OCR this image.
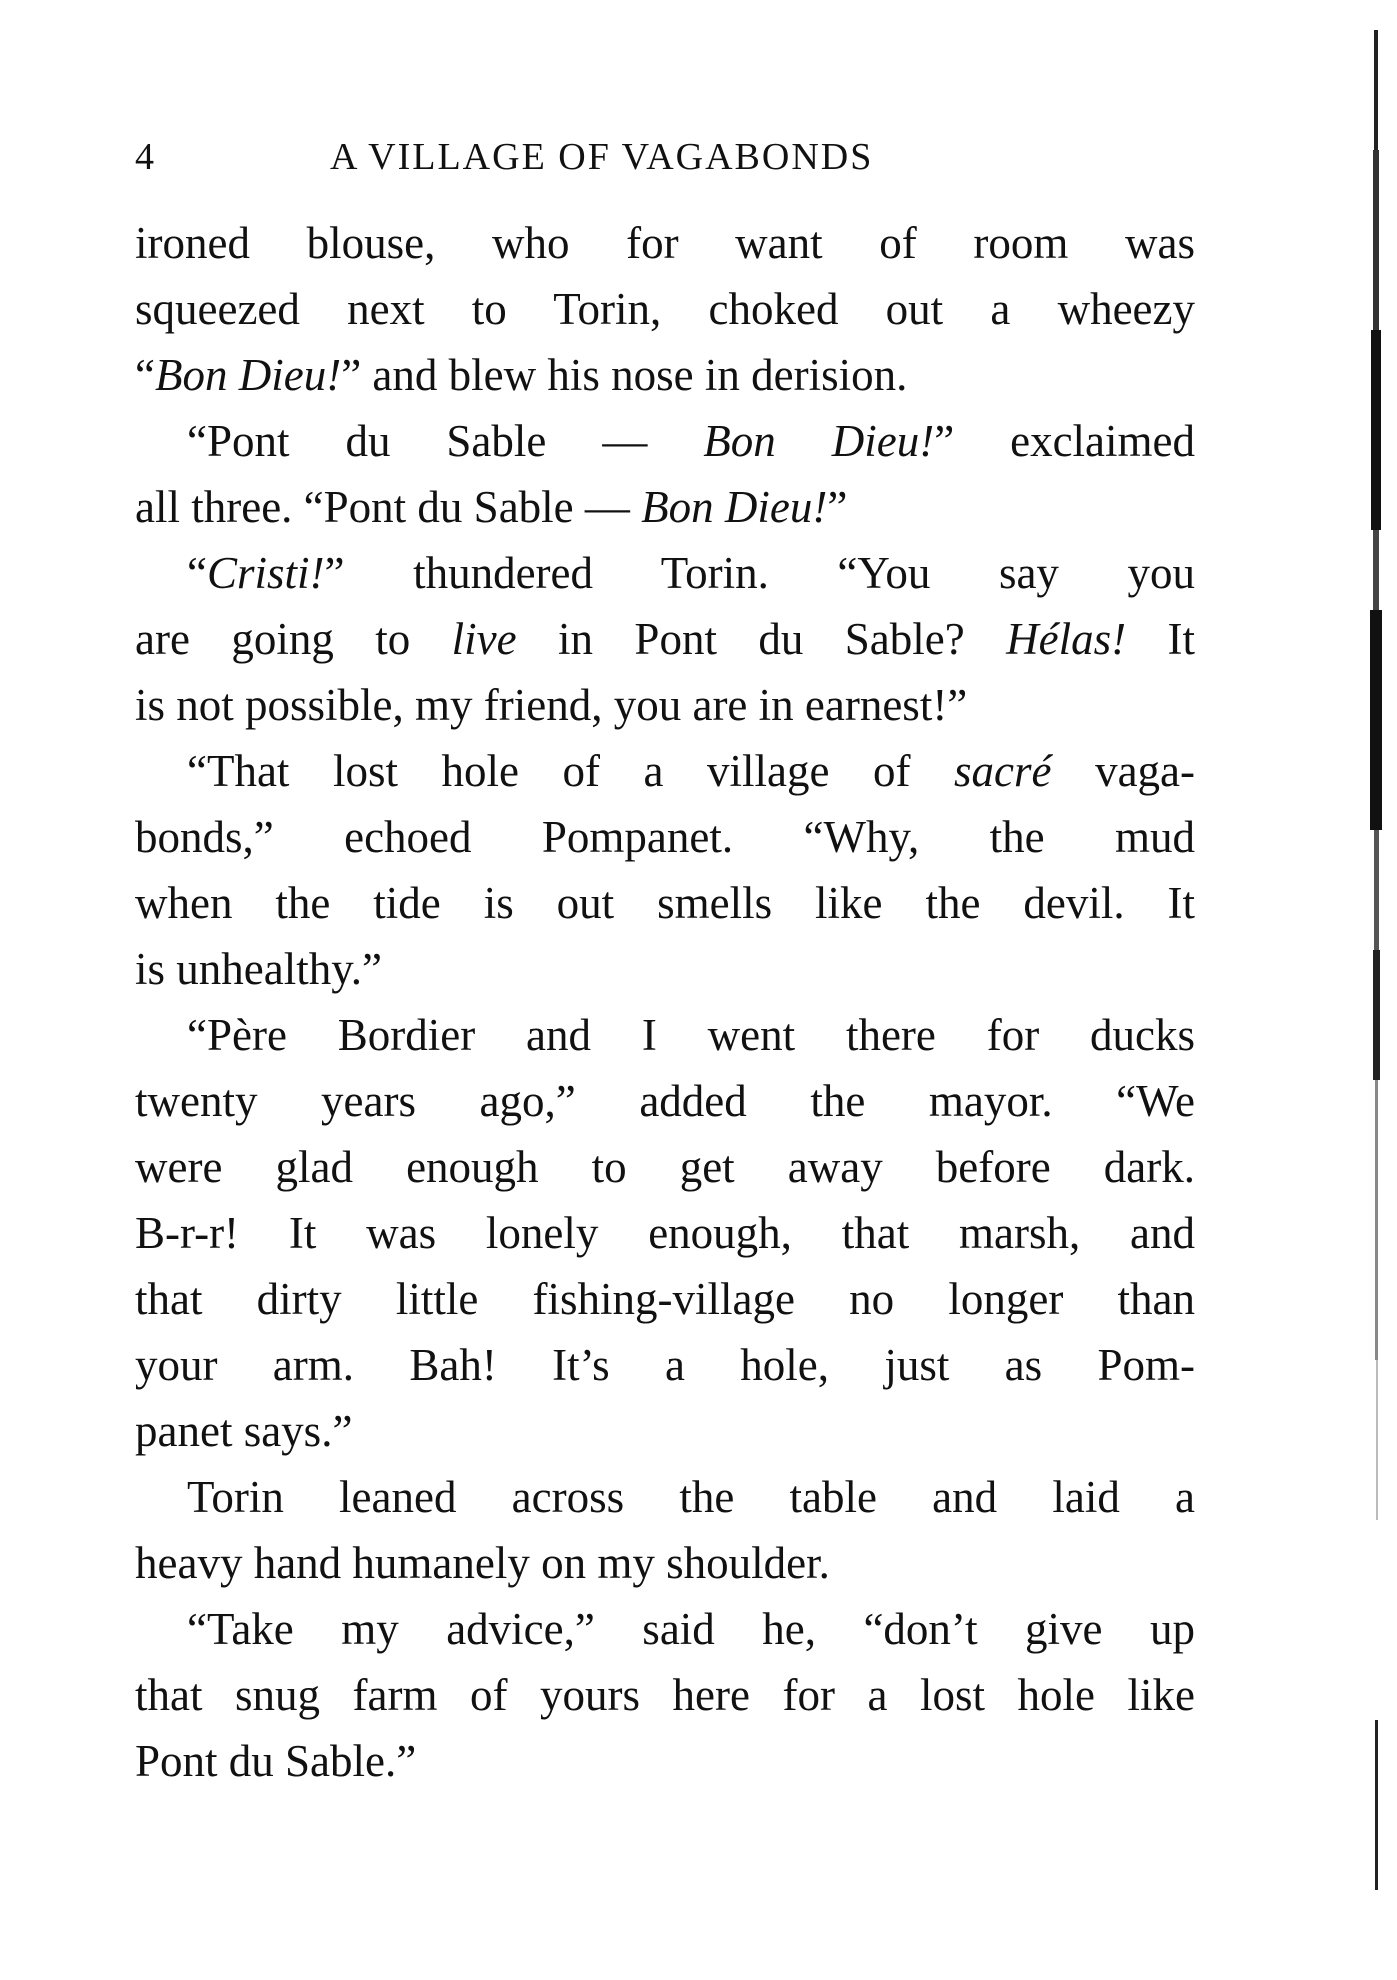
4	A VILLAGE OF VAGABONDS
ironed blouse, who for want of room was
squeezed next to Torin, choked out a wheezy
“Bon Dieu!” and blew his nose in derision.
“Pont du Sable — Bon Dieu!” exclaimed
all three. “Pont du Sable — Bon Dieu!”
“Cristi!” thundered Torin. “You say you
are going to live in Pont du Sable? Hélas! It
is not possible, my friend, you are in earnest!”
“That lost hole of a village of sacré vaga-
bonds,” echoed Pompanet. “Why, the mud
when the tide is out smells like the devil. It
is unhealthy.”
“Père Bordier and I went there for ducks
twenty years ago,” added the mayor. “We
were glad enough to get away before dark.
B-r-r! It was lonely enough, that marsh, and
that dirty little fishing-village no longer than
your arm. Bah! It’s a hole, just as Pom-
panet says.”
Torin leaned across the table and laid a
heavy hand humanely on my shoulder.
“Take my advice,” said he, “don’t give up
that snug farm of yours here for a lost hole like
Pont du Sable.”
